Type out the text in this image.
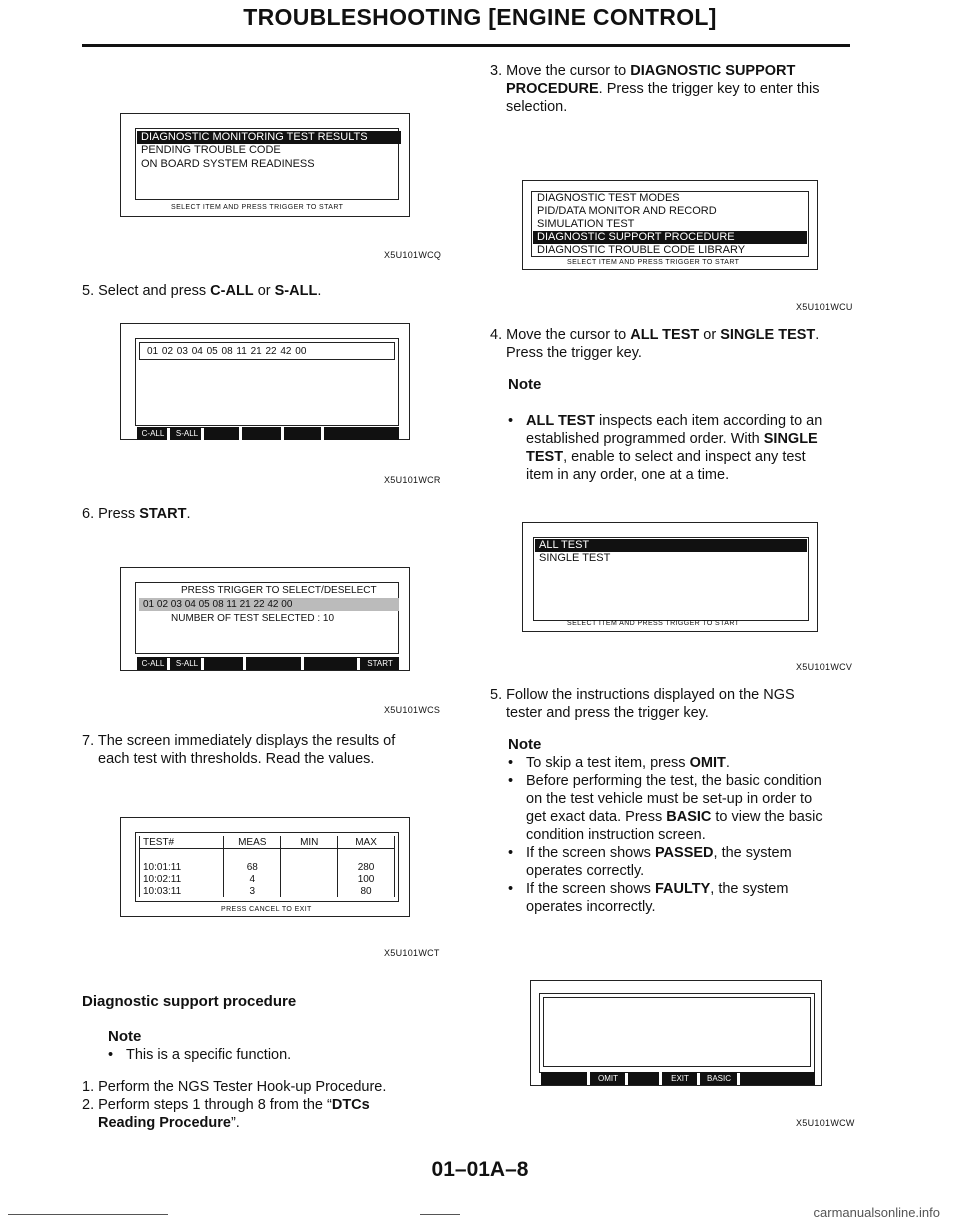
TROUBLESHOOTING [ENGINE CONTROL]
DIAGNOSTIC MONITORING TEST RESULTS
PENDING TROUBLE CODE
ON BOARD SYSTEM READINESS
SELECT ITEM AND PRESS TRIGGER TO START
X5U101WCQ
5. Select and press C-ALL or S-ALL.
01 02 03 04 05 08 11 21 22 42 00
C-ALL	S-ALL
X5U101WCR
6. Press START.
PRESS TRIGGER TO SELECT/DESELECT
01 02 03 04 05 08 11 21 22 42 00
NUMBER OF TEST SELECTED : 10
C-ALL	S-ALL	START
X5U101WCS
7. The screen immediately displays the results of
each test with thresholds. Read the values.
TEST#	MEAS	MIN	MAX

10:01:11	68		280
10:02:11	4		100
10:03:11	3		80
PRESS CANCEL TO EXIT
X5U101WCT
Diagnostic support procedure
Note
• This is a specific function.
1. Perform the NGS Tester Hook-up Procedure.
2. Perform steps 1 through 8 from the “DTCs
Reading Procedure”.
3. Move the cursor to DIAGNOSTIC SUPPORT
PROCEDURE. Press the trigger key to enter this
selection.
DIAGNOSTIC TEST MODES
PID/DATA MONITOR AND RECORD
SIMULATION TEST
DIAGNOSTIC SUPPORT PROCEDURE
DIAGNOSTIC TROUBLE CODE LIBRARY
SELECT ITEM AND PRESS TRIGGER TO START
X5U101WCU
4. Move the cursor to ALL TEST or SINGLE TEST.
Press the trigger key.
Note
• ALL TEST inspects each item according to an
established programmed order. With SINGLE
TEST, enable to select and inspect any test
item in any order, one at a time.
ALL TEST
SINGLE TEST
SELECT ITEM AND PRESS TRIGGER TO START
X5U101WCV
5. Follow the instructions displayed on the NGS
tester and press the trigger key.
Note
• To skip a test item, press OMIT.
• Before performing the test, the basic condition
on the test vehicle must be set-up in order to
get exact data. Press BASIC to view the basic
condition instruction screen.
• If the screen shows PASSED, the system
operates correctly.
• If the screen shows FAULTY, the system
operates incorrectly.
OMIT	EXIT	BASIC
X5U101WCW
01–01A–8
carmanualsonline.info
